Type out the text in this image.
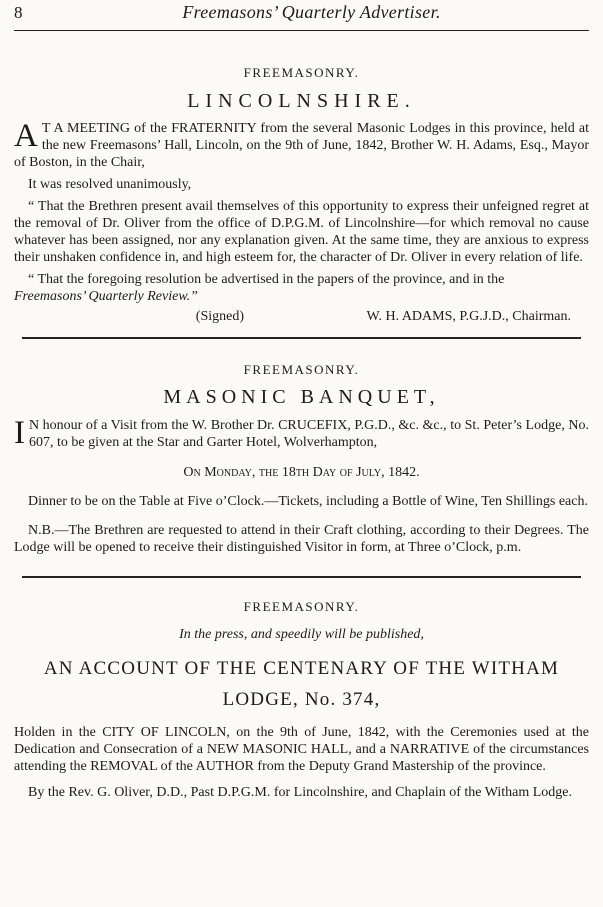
8	Freemasons’ Quarterly Advertiser.
FREEMASONRY.
LINCOLNSHIRE.

A T A MEETING of the FRATERNITY from the several Masonic Lodges in this province, held at the new Freemasons’ Hall, Lincoln, on the 9th of June, 1842, Brother W. H. Adams, Esq., Mayor of Boston, in the Chair,

It was resolved unanimously,

“ That the Brethren present avail themselves of this opportunity to express their unfeigned regret at the removal of Dr. Oliver from the office of D.P.G.M. of Lincolnshire—for which removal no cause whatever has been assigned, nor any explanation given. At the same time, they are anxious to express their unshaken confidence in, and high esteem for, the character of Dr. Oliver in every relation of life.

“ That the foregoing resolution be advertised in the papers of the province, and in the
Freemasons’ Quarterly Review.”

(Signed)	W. H. ADAMS, P.G.J.D., Chairman.
FREEMASONRY.
MASONIC BANQUET,

I N honour of a Visit from the W. Brother Dr. CRUCEFIX, P.G.D., &c. &c., to St. Peter’s Lodge, No. 607, to be given at the Star and Garter Hotel, Wolverhampton,

On Monday, the 18th Day of July, 1842.

Dinner to be on the Table at Five o’Clock.—Tickets, including a Bottle of Wine, Ten Shillings each.

N.B.—The Brethren are requested to attend in their Craft clothing, according to their Degrees. The Lodge will be opened to receive their distinguished Visitor in form, at Three o’Clock, p.m.

FREEMASONRY.

In the press, and speedily will be published,

AN ACCOUNT OF THE CENTENARY OF THE WITHAM
LODGE, No. 374,

Holden in the CITY OF LINCOLN, on the 9th of June, 1842, with the Ceremonies used at the Dedication and Consecration of a NEW MASONIC HALL, and a NARRATIVE of the circumstances attending the REMOVAL of the AUTHOR from the Deputy Grand Mastership of the province.

By the Rev. G. Oliver, D.D., Past D.P.G.M. for Lincolnshire, and Chaplain of the Witham Lodge.
